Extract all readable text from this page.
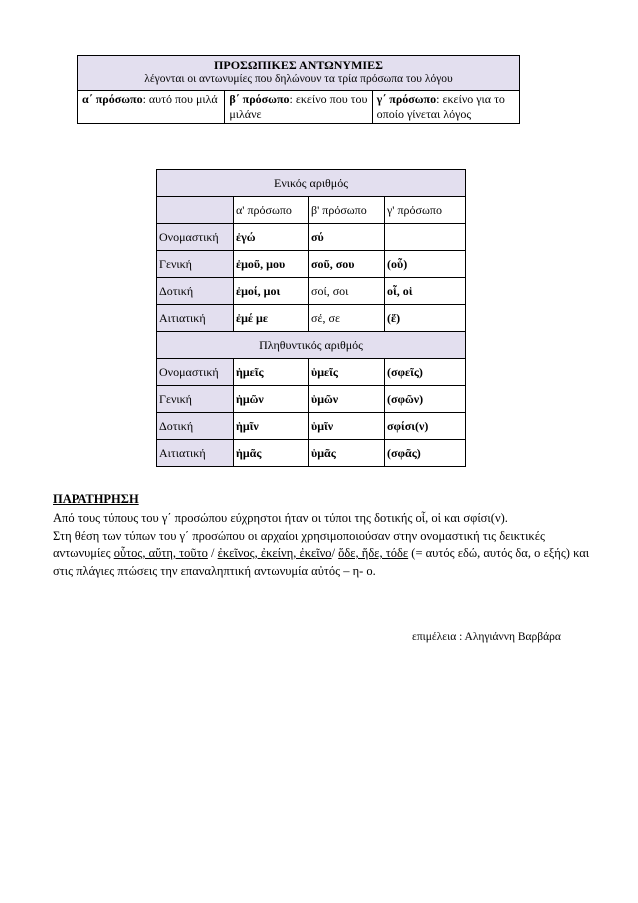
ΠΡΟΣΩΠΙΚΕΣ ΑΝΤΩΝΥΜΙΕΣ
λέγονται οι αντωνυμίες που δηλώνουν τα τρία πρόσωπα του λόγου

α΄ πρόσωπο: αυτό που μιλά	β΄ πρόσωπο: εκείνο που του μιλάνε	γ΄ πρόσωπο: εκείνο για το οποίο γίνεται λόγος
Ενικός αριθμός			
	α' πρόσωπο	β' πρόσωπο	γ' πρόσωπο
Ονομαστική	ἐγώ	σύ	
Γενική	ἐμοῦ, μου	σοῦ, σου	(οὗ)
Δοτική	ἐμοί, μοι	σοί, σοι	οἷ, οἱ
Αιτιατική	ἐμέ με	σέ, σε	(ἕ)
Πληθυντικός αριθμός			
Ονομαστική	ἡμεῖς	ὑμεῖς	(σφεῖς)
Γενική	ἡμῶν	ὑμῶν	(σφῶν)
Δοτική	ἡμῖν	ὑμῖν	σφίσι(ν)
Αιτιατική	ἡμᾶς	ὑμᾶς	(σφᾶς)
ΠΑΡΑΤΗΡΗΣΗ
Από τους τύπους του γ΄ προσώπου εύχρηστοι ήταν οι τύποι της δοτικής οἷ, οἱ και σφίσι(ν).
Στη θέση των τύπων του γ΄ προσώπου οι αρχαίοι χρησιμοποιούσαν στην ονομαστική τις δεικτικές αντωνυμίες οὗτος, αὕτη, τοῦτο / ἐκεῖνος, ἐκείνη, ἐκεῖνο/ ὅδε, ἥδε, τόδε (= αυτός εδώ, αυτός δα, ο εξής) και στις πλάγιες πτώσεις την επαναληπτική αντωνυμία αὐτός – η- ο.
επιμέλεια : Αληγιάννη Βαρβάρα
